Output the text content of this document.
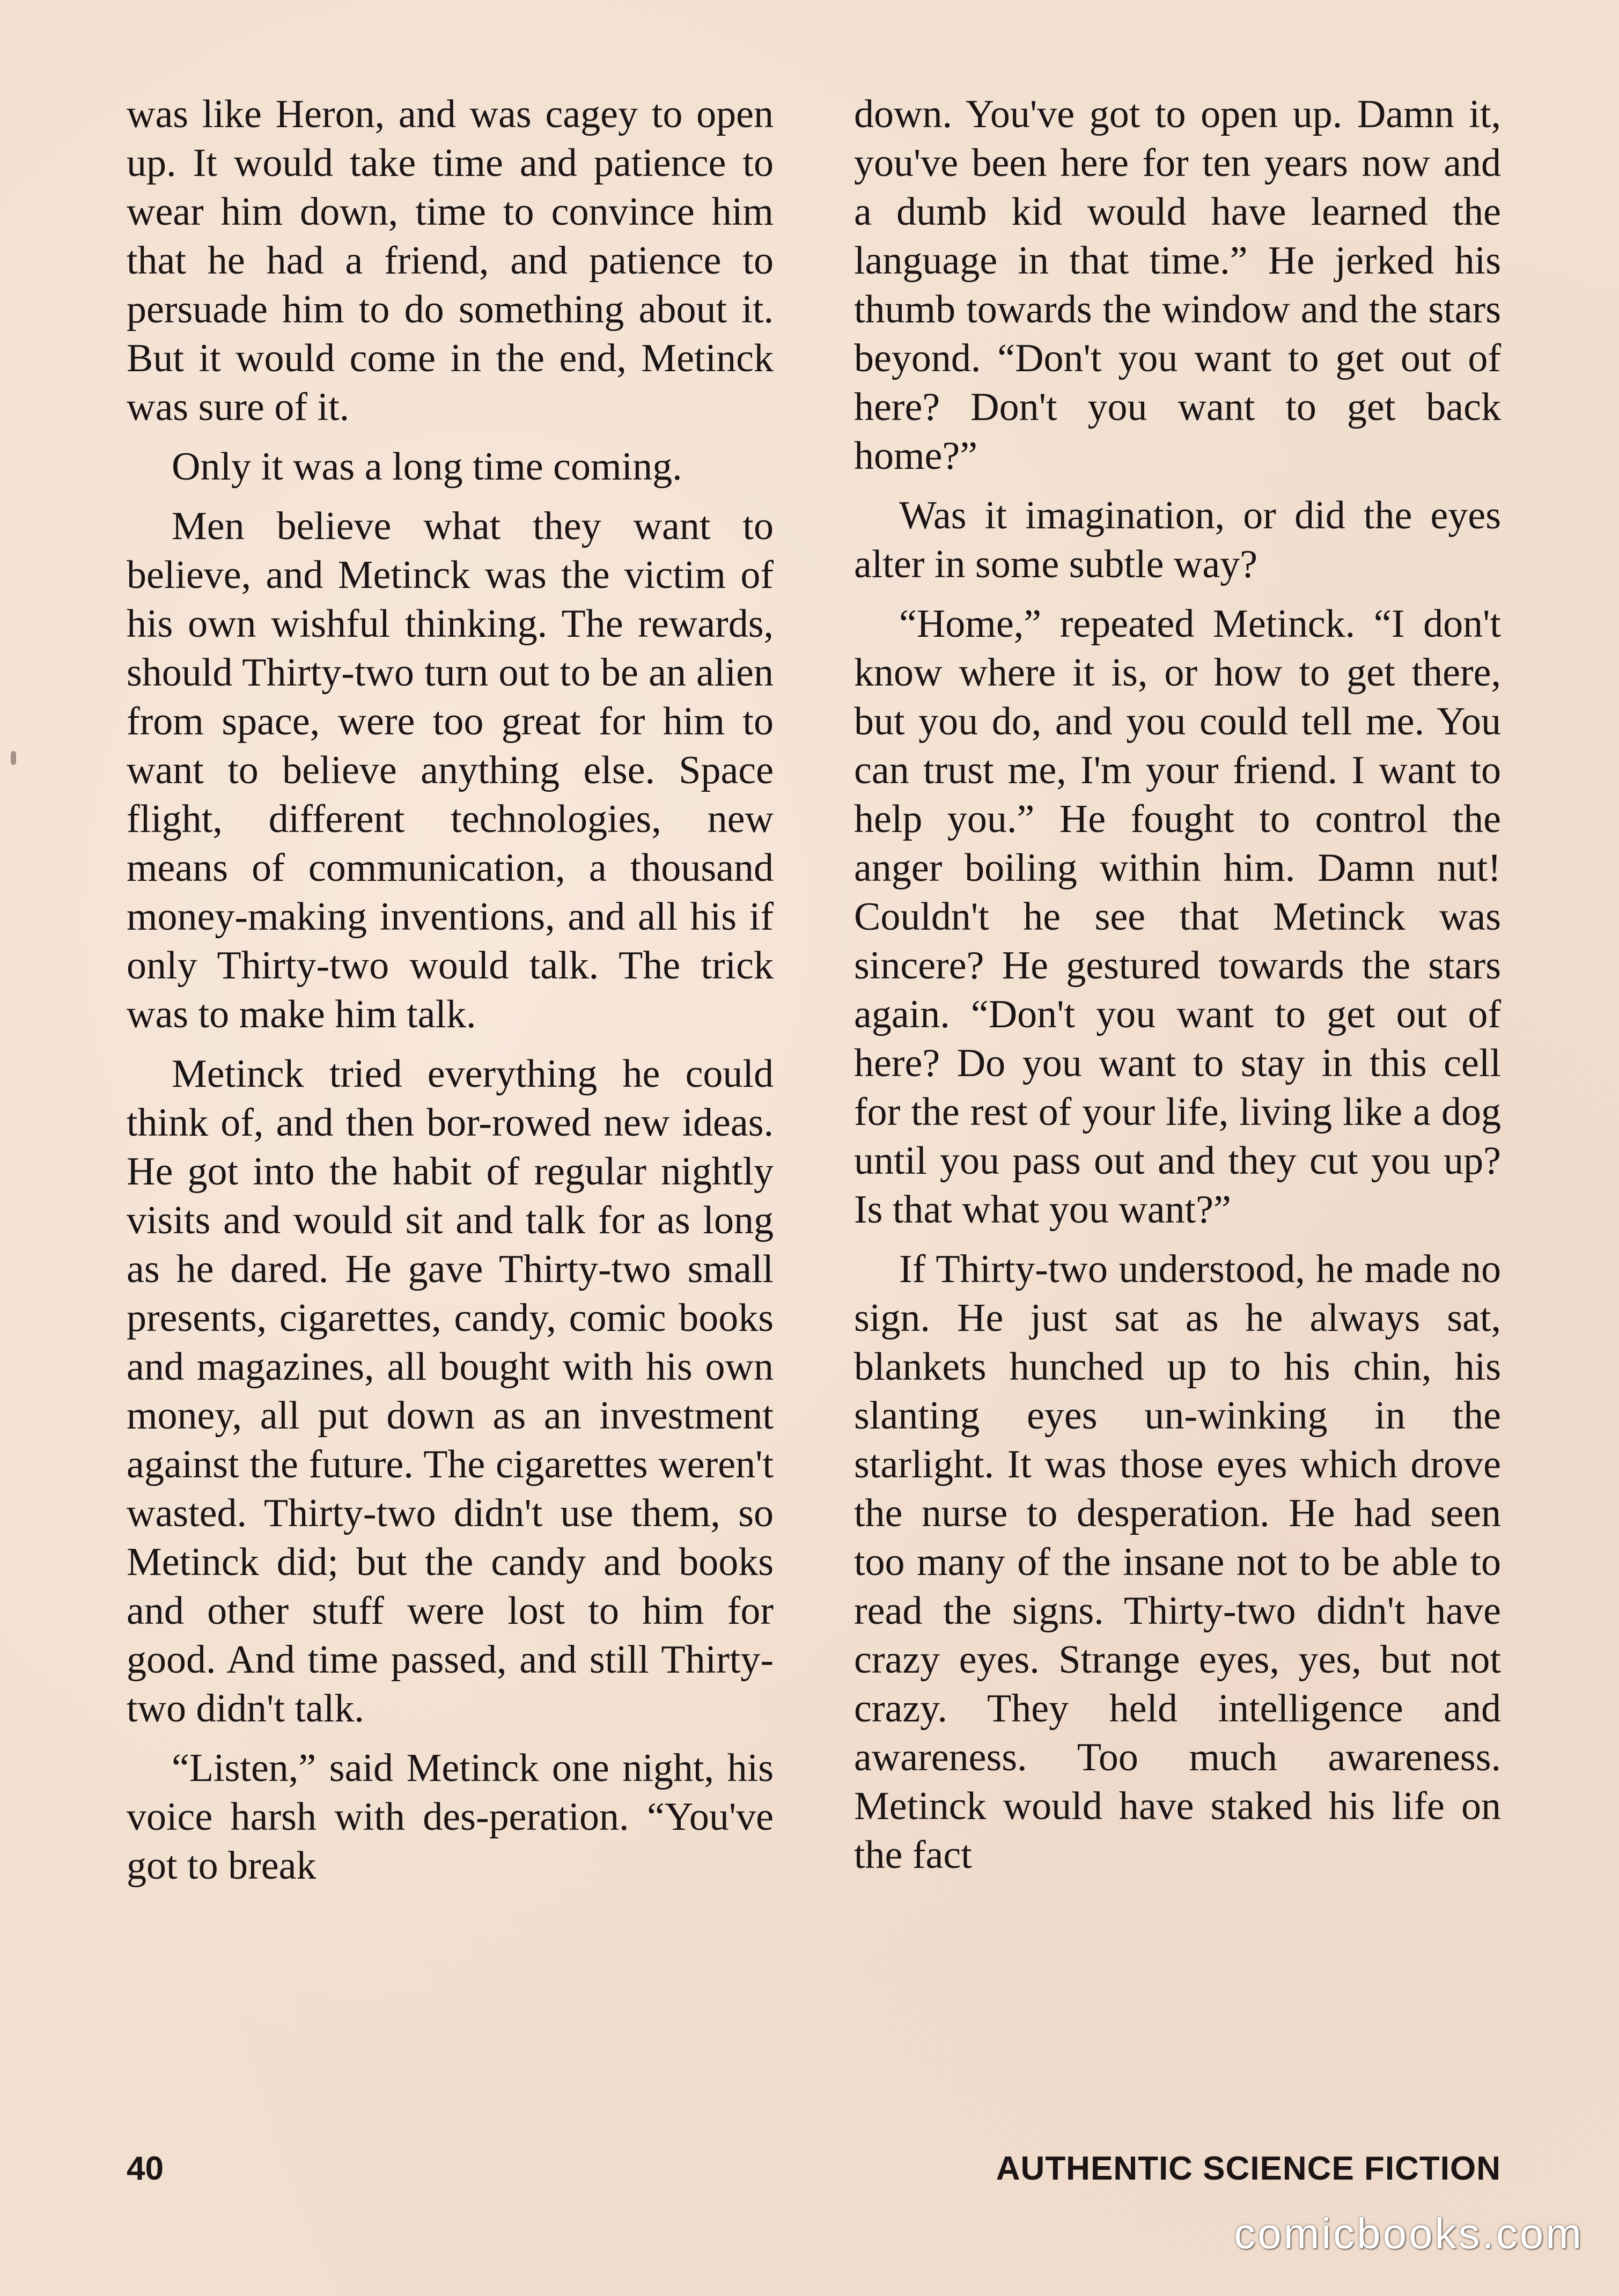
was like Heron, and was cagey to open up. It would take time and patience to wear him down, time to convince him that he had a friend, and patience to persuade him to do something about it. But it would come in the end, Metinck was sure of it.

Only it was a long time coming.

Men believe what they want to believe, and Metinck was the victim of his own wishful thinking. The rewards, should Thirty-two turn out to be an alien from space, were too great for him to want to believe anything else. Space flight, different technologies, new means of communication, a thousand money-making inventions, and all his if only Thirty-two would talk. The trick was to make him talk.

Metinck tried everything he could think of, and then bor-rowed new ideas. He got into the habit of regular nightly visits and would sit and talk for as long as he dared. He gave Thirty-two small presents, cigarettes, candy, comic books and magazines, all bought with his own money, all put down as an investment against the future. The cigarettes weren't wasted. Thirty-two didn't use them, so Metinck did; but the candy and books and other stuff were lost to him for good. And time passed, and still Thirty-two didn't talk.

“Listen,” said Metinck one night, his voice harsh with des-peration. “You've got to break

down. You've got to open up. Damn it, you've been here for ten years now and a dumb kid would have learned the language in that time.” He jerked his thumb towards the window and the stars beyond. “Don't you want to get out of here? Don't you want to get back home?”

Was it imagination, or did the eyes alter in some subtle way?

“Home,” repeated Metinck. “I don't know where it is, or how to get there, but you do, and you could tell me. You can trust me, I'm your friend. I want to help you.” He fought to control the anger boiling within him. Damn nut! Couldn't he see that Metinck was sincere? He gestured towards the stars again. “Don't you want to get out of here? Do you want to stay in this cell for the rest of your life, living like a dog until you pass out and they cut you up? Is that what you want?”

If Thirty-two understood, he made no sign. He just sat as he always sat, blankets hunched up to his chin, his slanting eyes un-winking in the starlight. It was those eyes which drove the nurse to desperation. He had seen too many of the insane not to be able to read the signs. Thirty-two didn't have crazy eyes. Strange eyes, yes, but not crazy. They held intelligence and awareness. Too much awareness. Metinck would have staked his life on the fact

40	AUTHENTIC SCIENCE FICTION
comicbooks.com
